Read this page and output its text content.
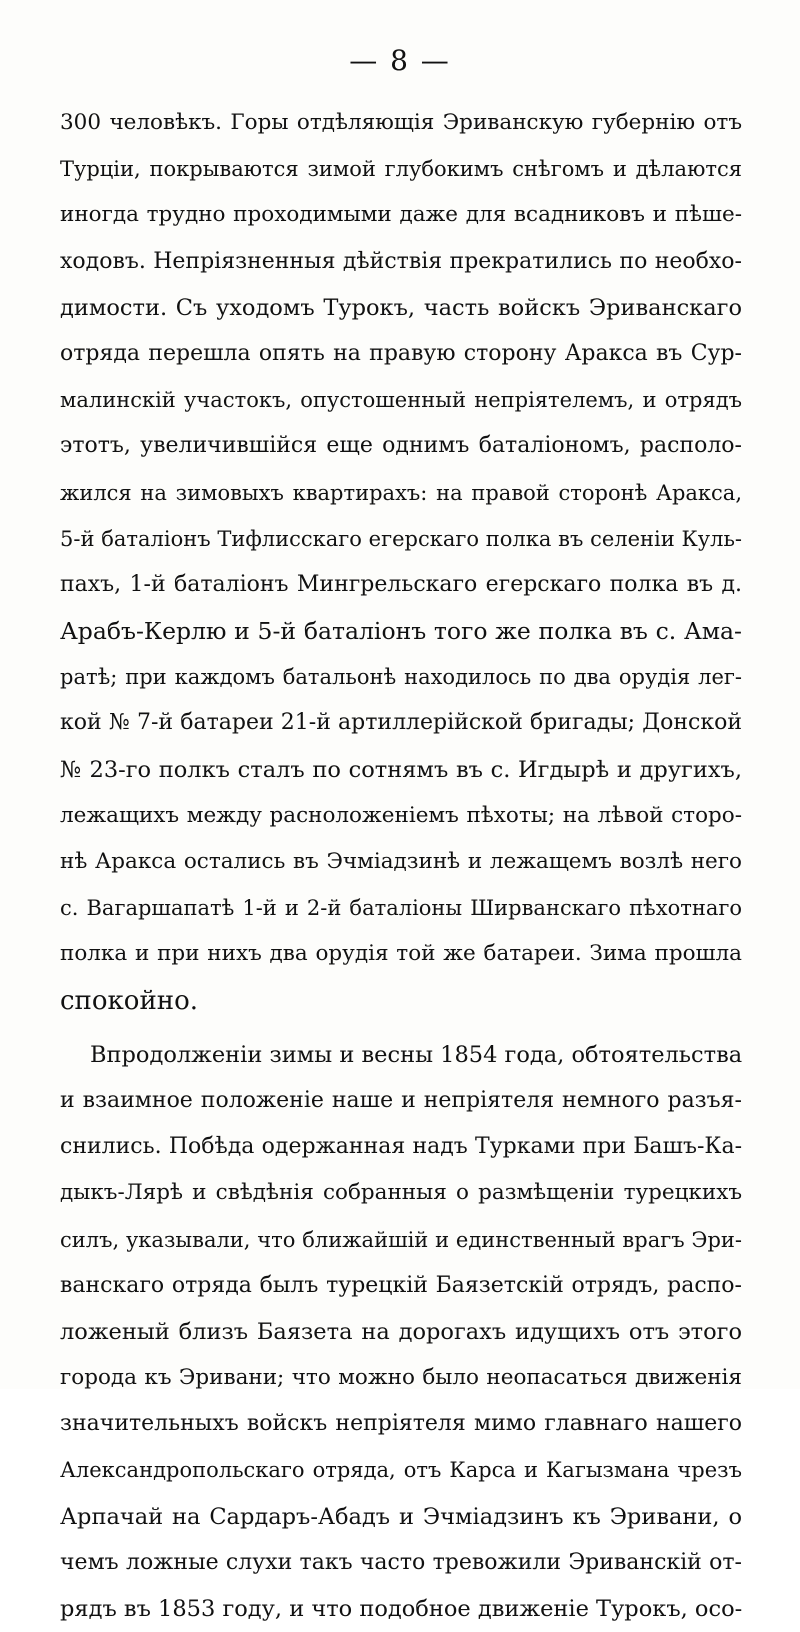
— 8 —
300 человѣкъ. Горы отдѣляющія Эриванскую губернію отъ
Турціи, покрываются зимой глубокимъ снѣгомъ и дѣлаются
иногда трудно проходимыми даже для всадниковъ и пѣше-
ходовъ. Непріязненныя дѣйствія прекратились по необхо-
димости. Съ уходомъ Турокъ, часть войскъ Эриванскаго
отряда перешла опять на правую сторону Аракса въ Сур-
малинскій участокъ, опустошенный непріятелемъ, и отрядъ
этотъ, увеличившійся еще однимъ баталіономъ, располо-
жился на зимовыхъ квартирахъ: на правой сторонѣ Аракса,
5-й баталіонъ Тифлисскаго егерскаго полка въ селеніи Куль-
пахъ, 1-й баталіонъ Мингрельскаго егерскаго полка въ д.
Арабъ-Керлю и 5-й баталіонъ того же полка въ с. Ама-
ратѣ; при каждомъ батальонѣ находилось по два орудія лег-
кой № 7-й батареи 21-й артиллерійской бригады; Донской
№ 23-го полкъ сталъ по сотнямъ въ с. Игдырѣ и другихъ,
лежащихъ между расноложеніемъ пѣхоты; на лѣвой сторо-
нѣ Аракса остались въ Эчміадзинѣ и лежащемъ возлѣ него
с. Вагаршапатѣ 1-й и 2-й баталіоны Ширванскаго пѣхотнаго
полка и при нихъ два орудія той же батареи. Зима прошла
спокойно.
Впродолженіи зимы и весны 1854 года, обтоятельства
и взаимное положеніе наше и непріятеля немного разъя-
снились. Побѣда одержанная надъ Турками при Башъ-Ка-
дыкъ-Лярѣ и свѣдѣнія собранныя о размѣщеніи турецкихъ
силъ, указывали, что ближайшій и единственный врагъ Эри-
ванскаго отряда былъ турецкій Баязетскій отрядъ, распо-
ложеный близъ Баязета на дорогахъ идущихъ отъ этого
города къ Эривани; что можно было неопасаться движенія
значительныхъ войскъ непріятеля мимо главнаго нашего
Александропольскаго отряда, отъ Карса и Кагызмана чрезъ
Арпачай на Сардаръ-Абадъ и Эчміадзинъ къ Эривани, о
чемъ ложные слухи такъ часто тревожили Эриванскій от-
рядъ въ 1853 году, и что подобное движеніе Турокъ, осо-
